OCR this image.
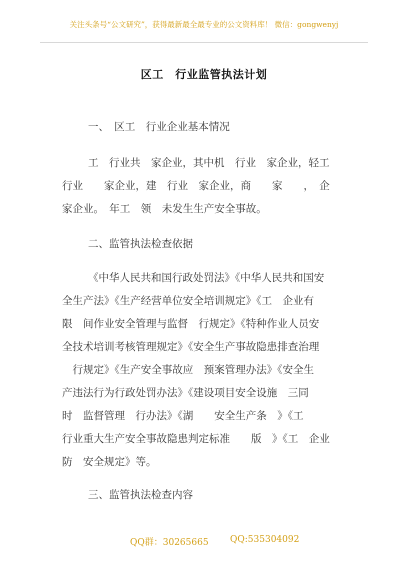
关注头条号“公文研究”，获得最新最全最专业的公文资料库！ 微信：gongwenyj
区工　行业监管执法计划
一、　区工　行业企业基本情况
工　行业共　家企业，其中机　行业　家企业，轻工
行业　　家企业，建　行业　家企业，商　　家　　，　企
家企业。　年工　领　未发生生产安全事故。
二、监管执法检查依据
《中华人民共和国行政处罚法》《中华人民共和国安
全生产法》《生产经营单位安全培训规定》《工　企业有
限　间作业安全管理与监督　行规定》《特种作业人员安
全技术培训考核管理规定》《安全生产事故隐患排查治理
　行规定》《生产安全事故应　预案管理办法》《安全生
产违法行为行政处罚办法》《建设项目安全设施　三同
时　监督管理　行办法》《湖　　安全生产条　》《工
行业重大生产安全事故隐患判定标准　　版　》《工　企业
防　安全规定》等。
三、监管执法检查内容
QQ群：30265665 QQ:535304092
